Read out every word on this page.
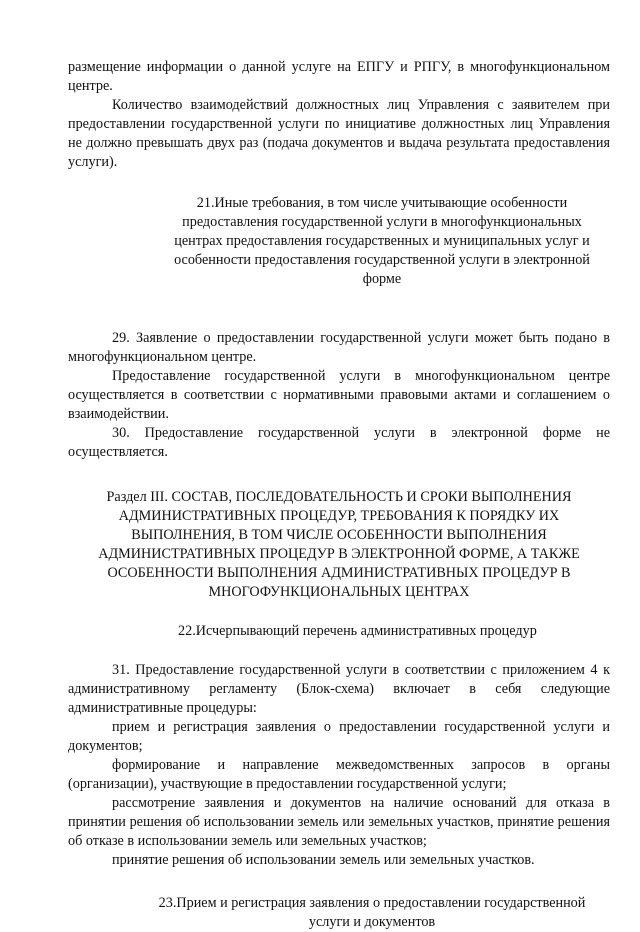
размещение информации о данной услуге на ЕПГУ и РПГУ, в многофункциональном центре.

Количество взаимодействий должностных лиц Управления с заявителем при предоставлении государственной услуги по инициативе должностных лиц Управления не должно превышать двух раз (подача документов и выдача результата предоставления услуги).

21.Иные требования, в том числе учитывающие особенности предоставления государственной услуги в многофункциональных центрах предоставления государственных и муниципальных услуг и особенности предоставления государственной услуги в электронной форме

29. Заявление о предоставлении государственной услуги может быть подано в многофункциональном центре.

Предоставление государственной услуги в многофункциональном центре осуществляется в соответствии с нормативными правовыми актами и соглашением о взаимодействии.

30. Предоставление государственной услуги в электронной форме не осуществляется.

Раздел III. СОСТАВ, ПОСЛЕДОВАТЕЛЬНОСТЬ И СРОКИ ВЫПОЛНЕНИЯ АДМИНИСТРАТИВНЫХ ПРОЦЕДУР, ТРЕБОВАНИЯ К ПОРЯДКУ ИХ ВЫПОЛНЕНИЯ, В ТОМ ЧИСЛЕ ОСОБЕННОСТИ ВЫПОЛНЕНИЯ АДМИНИСТРАТИВНЫХ ПРОЦЕДУР В ЭЛЕКТРОННОЙ ФОРМЕ, А ТАКЖЕ ОСОБЕННОСТИ ВЫПОЛНЕНИЯ АДМИНИСТРАТИВНЫХ ПРОЦЕДУР В МНОГОФУНКЦИОНАЛЬНЫХ ЦЕНТРАХ
22.Исчерпывающий перечень административных процедур

31. Предоставление государственной услуги в соответствии с приложением 4 к административному регламенту (Блок-схема) включает в себя следующие административные процедуры:

прием и регистрация заявления о предоставлении государственной услуги и документов;

формирование и направление межведомственных запросов в органы (организации), участвующие в предоставлении государственной услуги;

рассмотрение заявления и документов на наличие оснований для отказа в принятии решения об использовании земель или земельных участков, принятие решения об отказе в использовании земель или земельных участков;

принятие решения об использовании земель или земельных участков.

23.Прием и регистрация заявления о предоставлении государственной услуги и документов
